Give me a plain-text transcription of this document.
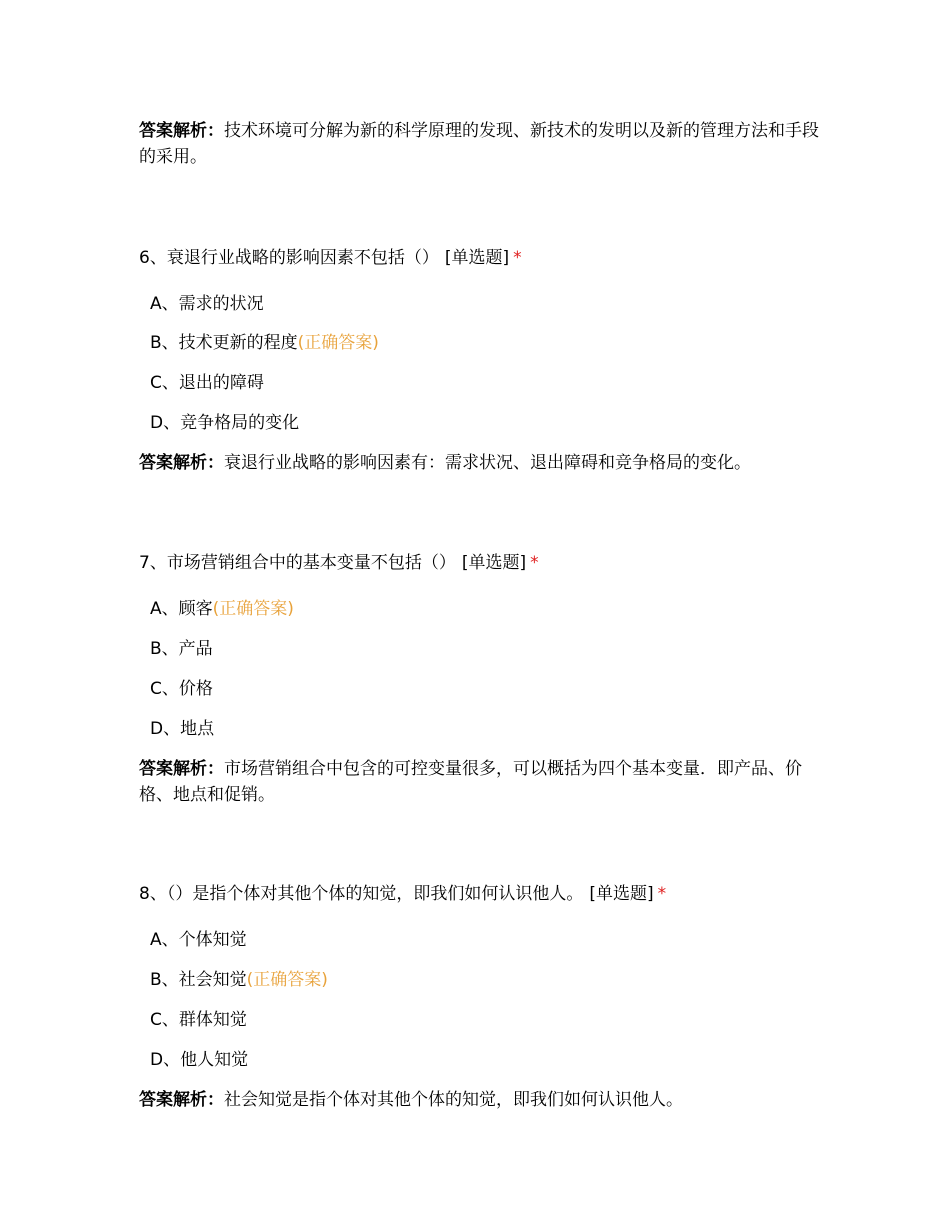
答案解析：技术环境可分解为新的科学原理的发现、新技术的发明以及新的管理方法和手段的采用。
6、衰退行业战略的影响因素不包括（） [单选题] *
A、需求的状况
B、技术更新的程度(正确答案)
C、退出的障碍
D、竞争格局的变化
答案解析：衰退行业战略的影响因素有：需求状况、退出障碍和竞争格局的变化。
7、市场营销组合中的基本变量不包括（） [单选题] *
A、顾客(正确答案)
B、产品
C、价格
D、地点
答案解析：市场营销组合中包含的可控变量很多，可以概括为四个基本变量．即产品、价格、地点和促销。
8、（）是指个体对其他个体的知觉，即我们如何认识他人。 [单选题] *
A、个体知觉
B、社会知觉(正确答案)
C、群体知觉
D、他人知觉
答案解析：社会知觉是指个体对其他个体的知觉，即我们如何认识他人。
